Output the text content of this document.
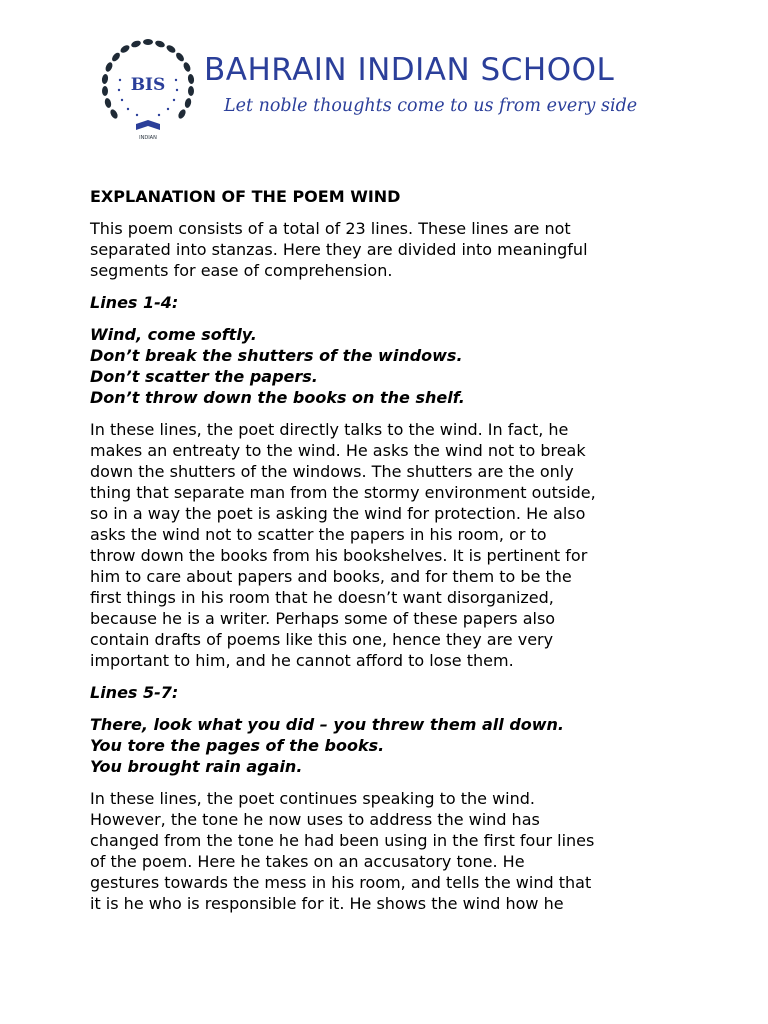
BIS
INDIAN
BAHRAIN INDIAN SCHOOL
Let noble thoughts come to us from every side

EXPLANATION OF THE POEM WIND

This poem consists of a total of 23 lines. These lines are not
separated into stanzas. Here they are divided into meaningful
segments for ease of comprehension.

Lines 1-4:

Wind, come softly.
Don’t break the shutters of the windows.
Don’t scatter the papers.
Don’t throw down the books on the shelf.

In these lines, the poet directly talks to the wind. In fact, he
makes an entreaty to the wind. He asks the wind not to break
down the shutters of the windows. The shutters are the only
thing that separate man from the stormy environment outside,
so in a way the poet is asking the wind for protection. He also
asks the wind not to scatter the papers in his room, or to
throw down the books from his bookshelves. It is pertinent for
him to care about papers and books, and for them to be the
first things in his room that he doesn’t want disorganized,
because he is a writer. Perhaps some of these papers also
contain drafts of poems like this one, hence they are very
important to him, and he cannot afford to lose them.

Lines 5-7:

There, look what you did – you threw them all down.
You tore the pages of the books.
You brought rain again.

In these lines, the poet continues speaking to the wind.
However, the tone he now uses to address the wind has
changed from the tone he had been using in the first four lines
of the poem. Here he takes on an accusatory tone. He
gestures towards the mess in his room, and tells the wind that
it is he who is responsible for it. He shows the wind how he
